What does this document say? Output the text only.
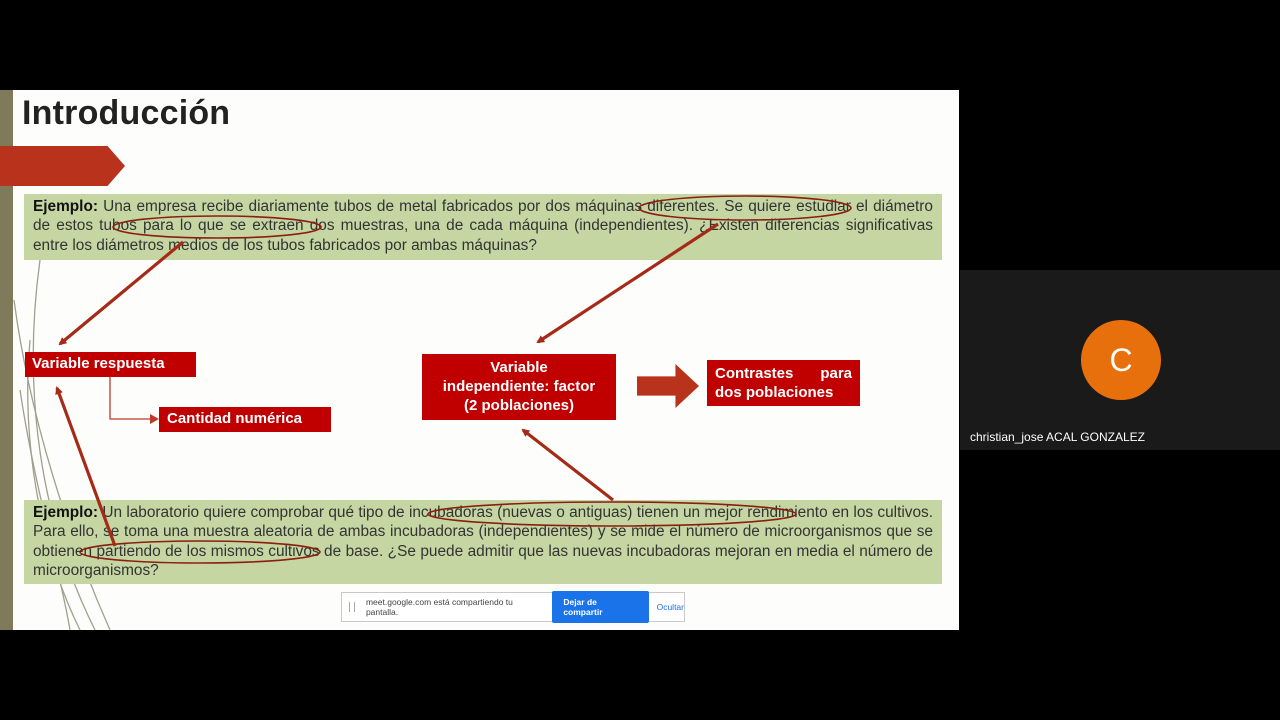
Introducción
Ejemplo: Una empresa recibe diariamente tubos de metal fabricados por dos máquinas diferentes. Se quiere estudiar el diámetro de estos tubos para lo que se extraen dos muestras, una de cada máquina (independientes). ¿Existen diferencias significativas entre los diámetros medios de los tubos fabricados por ambas máquinas?
Ejemplo: Un laboratorio quiere comprobar qué tipo de incubadoras (nuevas o antiguas) tienen un mejor rendimiento en los cultivos. Para ello, se toma una muestra aleatoria de ambas incubadoras (independientes) y se mide el número de microorganismos que se obtienen partiendo de los mismos cultivos de base. ¿Se puede admitir que las nuevas incubadoras mejoran en media el número de microorganismos?
Variable respuesta
Cantidad numérica
Variable
independiente: factor
(2 poblaciones)
Contrastes para
dos poblaciones
meet.google.com está compartiendo tu pantalla.
Dejar de compartir	Ocultar
C
christian_jose ACAL GONZALEZ
